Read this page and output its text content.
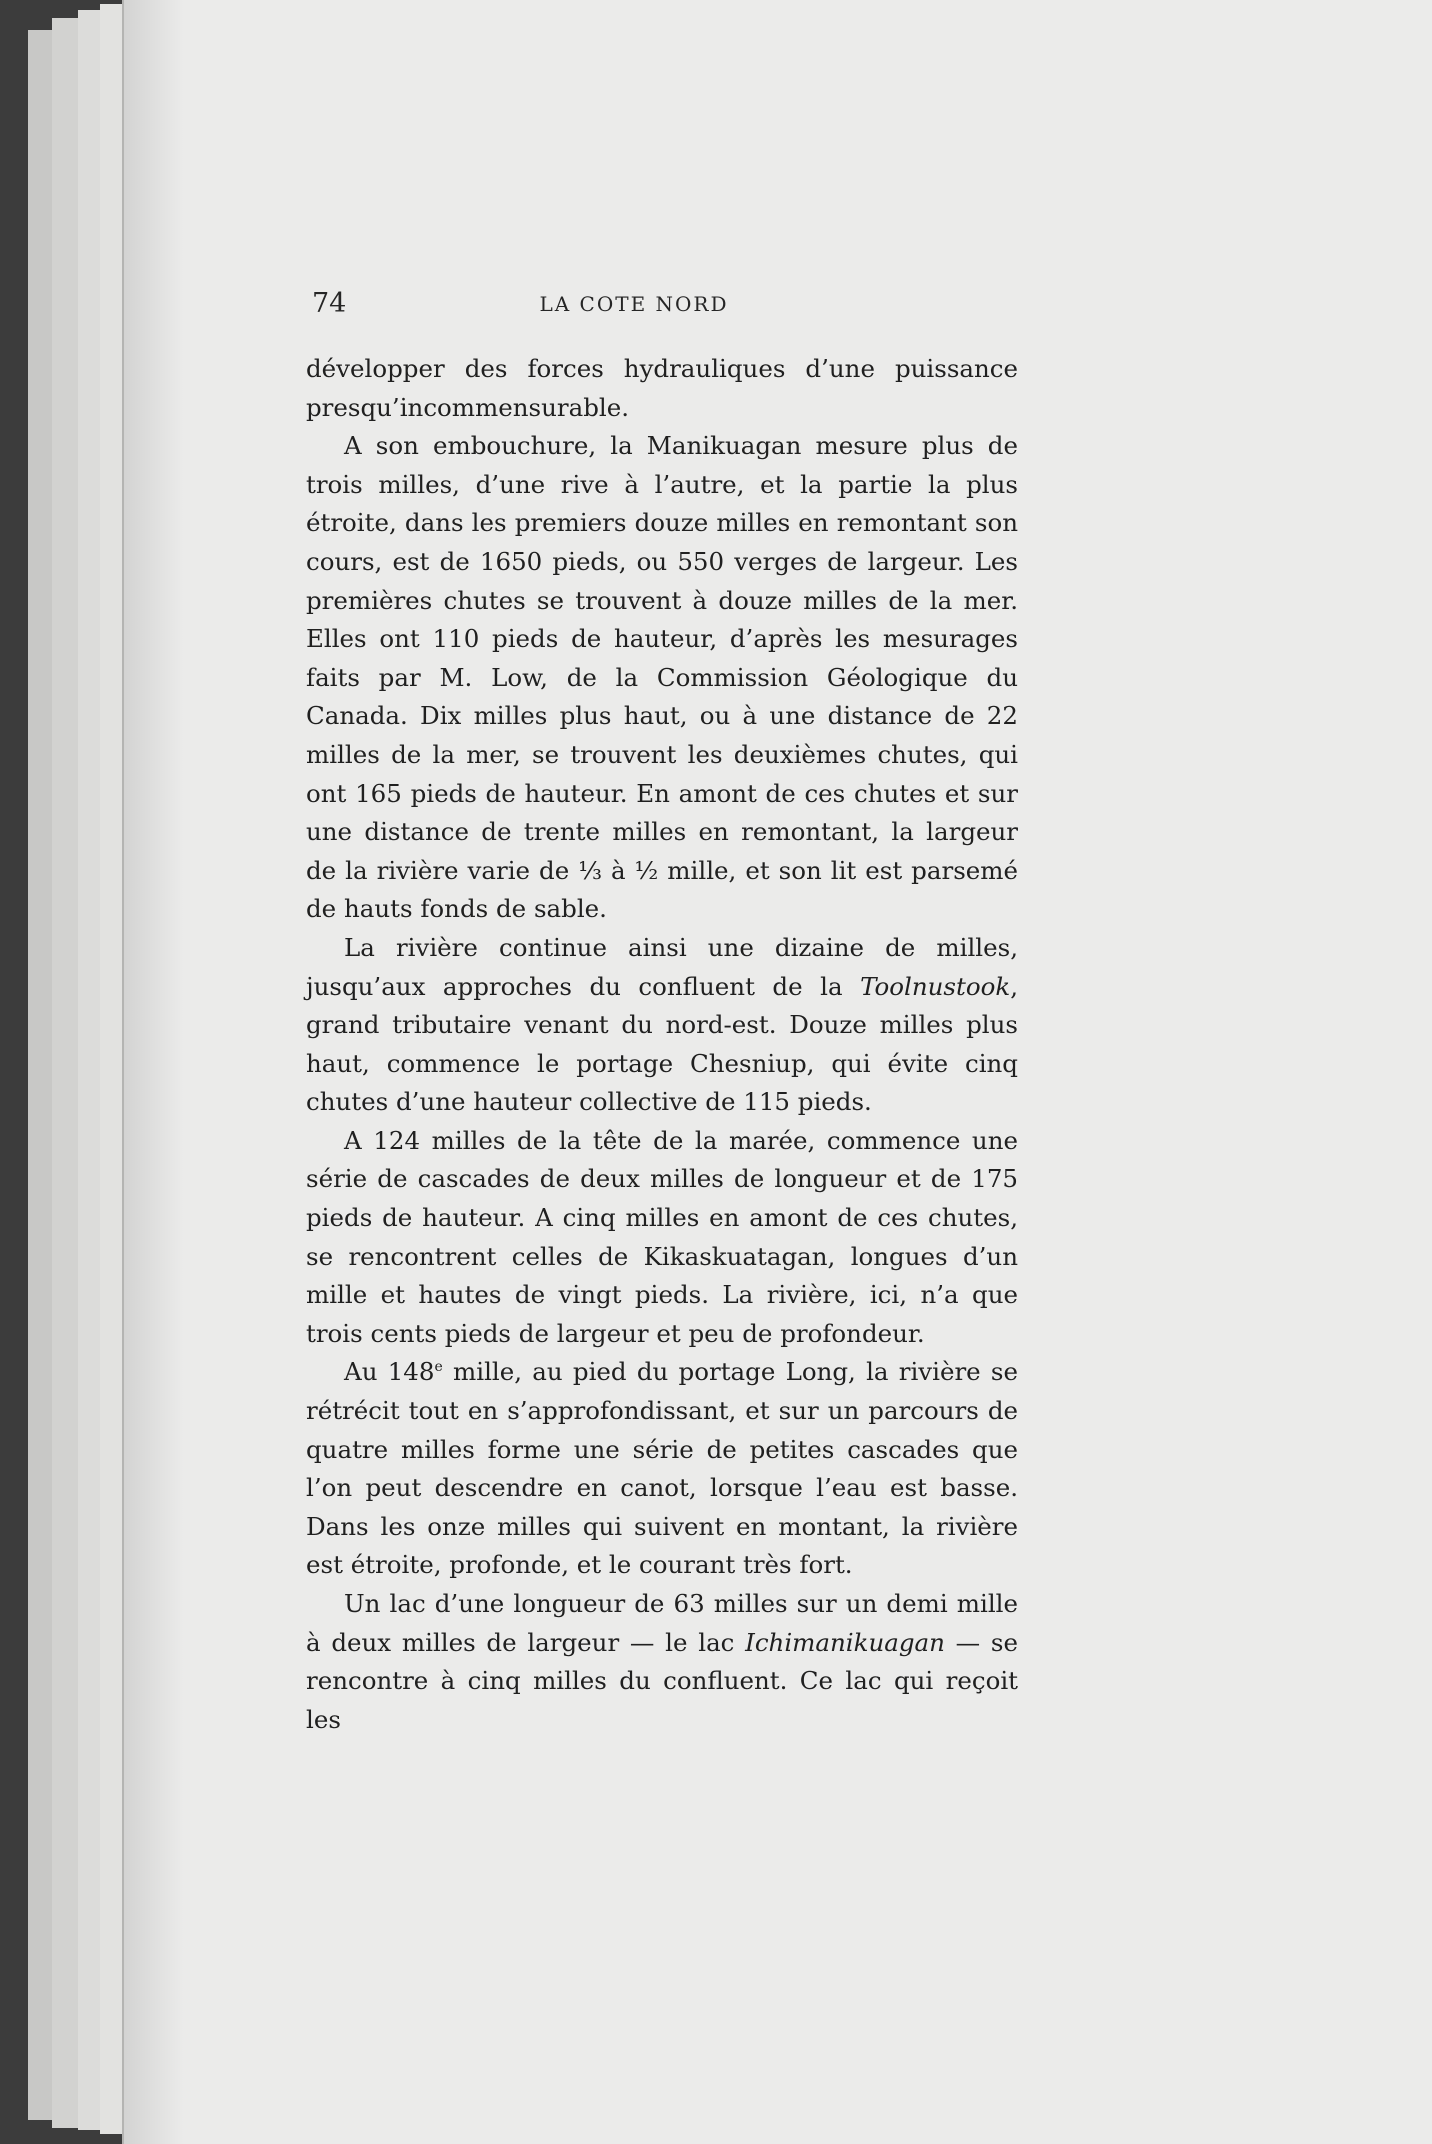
74	LA COTE NORD

développer des forces hydrauliques d’une puissance presqu’incommensurable.

A son embouchure, la Manikuagan mesure plus de trois milles, d’une rive à l’autre, et la partie la plus étroite, dans les premiers douze milles en remontant son cours, est de 1650 pieds, ou 550 verges de largeur. Les premières chutes se trouvent à douze milles de la mer. Elles ont 110 pieds de hauteur, d’après les mesurages faits par M. Low, de la Commission Géologique du Canada. Dix milles plus haut, ou à une distance de 22 milles de la mer, se trouvent les deuxièmes chutes, qui ont 165 pieds de hauteur. En amont de ces chutes et sur une distance de trente milles en remontant, la largeur de la rivière varie de ⅓ à ½ mille, et son lit est parsemé de hauts fonds de sable.

La rivière continue ainsi une dizaine de milles, jusqu’aux approches du confluent de la Toolnustook, grand tributaire venant du nord-est. Douze milles plus haut, commence le portage Chesniup, qui évite cinq chutes d’une hauteur collective de 115 pieds.

A 124 milles de la tête de la marée, commence une série de cascades de deux milles de longueur et de 175 pieds de hauteur. A cinq milles en amont de ces chutes, se rencontrent celles de Kikaskuatagan, longues d’un mille et hautes de vingt pieds. La rivière, ici, n’a que trois cents pieds de largeur et peu de profondeur.

Au 148e mille, au pied du portage Long, la rivière se rétrécit tout en s’approfondissant, et sur un parcours de quatre milles forme une série de petites cascades que l’on peut descendre en canot, lorsque l’eau est basse. Dans les onze milles qui suivent en montant, la rivière est étroite, profonde, et le courant très fort.

Un lac d’une longueur de 63 milles sur un demi mille à deux milles de largeur — le lac Ichimanikuagan — se rencontre à cinq milles du confluent. Ce lac qui reçoit les
